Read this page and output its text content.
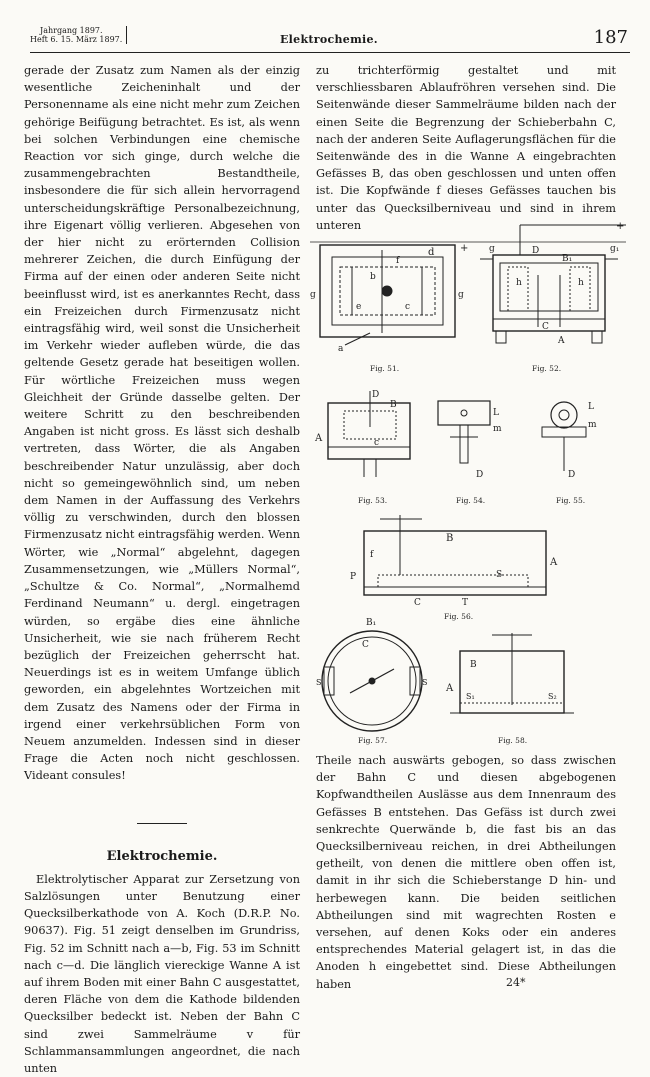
Jahrgang 1897.
Heft 6. 15. März 1897.	Elektrochemie.	187

gerade der Zusatz zum Namen als der einzig wesentliche Zeicheninhalt und der Personenname als eine nicht mehr zum Zeichen gehörige Beifügung betrachtet. Es ist, als wenn bei solchen Verbindungen eine chemische Reaction vor sich ginge, durch welche die zusammengebrachten Bestandtheile, insbesondere die für sich allein hervorragend unterscheidungskräftige Personalbezeichnung, ihre Eigenart völlig verlieren. Abgesehen von der hier nicht zu erörternden Collision mehrerer Zeichen, die durch Einfügung der Firma auf der einen oder anderen Seite nicht beeinflusst wird, ist es anerkanntes Recht, dass ein Freizeichen durch Firmenzusatz nicht eintragsfähig wird, weil sonst die Unsicherheit im Verkehr wieder aufleben würde, die das geltende Gesetz gerade hat beseitigen wollen. Für wörtliche Freizeichen muss wegen Gleichheit der Gründe dasselbe gelten. Der weitere Schritt zu den beschreibenden Angaben ist nicht gross. Es lässt sich deshalb vertreten, dass Wörter, die als Angaben beschreibender Natur unzulässig, aber doch nicht so gemeingewöhnlich sind, um neben dem Namen in der Auffassung des Verkehrs völlig zu verschwinden, durch den blossen Firmenzusatz nicht eintragsfähig werden. Wenn Wörter, wie „Normal“ abgelehnt, dagegen Zusammensetzungen, wie „Müllers Normal“, „Schultze & Co. Normal“, „Normalhemd Ferdinand Neumann“ u. dergl. eingetragen würden, so ergäbe dies eine ähnliche Unsicherheit, wie sie nach früherem Recht bezüglich der Freizeichen geherrscht hat. Neuerdings ist es in weitem Umfange üblich geworden, ein abgelehntes Wortzeichen mit dem Zusatz des Namens oder der Firma in irgend einer verkehrsüblichen Form von Neuem anzumelden. Indessen sind in dieser Frage die Acten noch nicht geschlossen. Videant consules!

Elektrochemie.

Elektrolytischer Apparat zur Zersetzung von Salzlösungen unter Benutzung einer Quecksilberkathode von A. Koch (D.R.P. No. 90637). Fig. 51 zeigt denselben im Grundriss, Fig. 52 im Schnitt nach a—b, Fig. 53 im Schnitt nach c—d. Die länglich viereckige Wanne A ist auf ihrem Boden mit einer Bahn C ausgestattet, deren Fläche von dem die Kathode bildenden Quecksilber bedeckt ist. Neben der Bahn C sind zwei Sammelräume v für Schlammansammlungen angeordnet, die nach unten

zu trichterförmig gestaltet und mit verschliessbaren Ablaufröhren versehen sind. Die Seitenwände dieser Sammelräume bilden nach der einen Seite die Begrenzung der Schieberbahn C, nach der anderen Seite Auflagerungsflächen für die Seitenwände des in die Wanne A eingebrachten Gefässes B, das oben geschlossen und unten offen ist. Die Kopfwände f dieses Gefässes tauchen bis unter das Quecksilberniveau und sind in ihrem unteren

d	+
g	g
b
e	c
a
f
Fig. 51.
g	g₁
D
B₁
h	h
C
A
+
Fig. 52.
D
B
A	c
Fig. 53.
L
m
D
Fig. 54.
L
m
D
Fig. 55.
B
f
P
A
S
C	T
Fig. 56.
B₁
C
S	S
Fig. 57.
B
A
S₁	S₂
Fig. 58.

Theile nach auswärts gebogen, so dass zwischen der Bahn C und diesen abgebogenen Kopfwandtheilen Auslässe aus dem Innenraum des Gefässes B entstehen. Das Gefäss ist durch zwei senkrechte Querwände b, die fast bis an das Quecksilberniveau reichen, in drei Abtheilungen getheilt, von denen die mittlere oben offen ist, damit in ihr sich die Schieberstange D hin- und herbewegen kann. Die beiden seitlichen Abtheilungen sind mit wagrechten Rosten e versehen, auf denen Koks oder ein anderes entsprechendes Material gelagert ist, in das die Anoden h eingebettet sind. Diese Abtheilungen haben	24*
